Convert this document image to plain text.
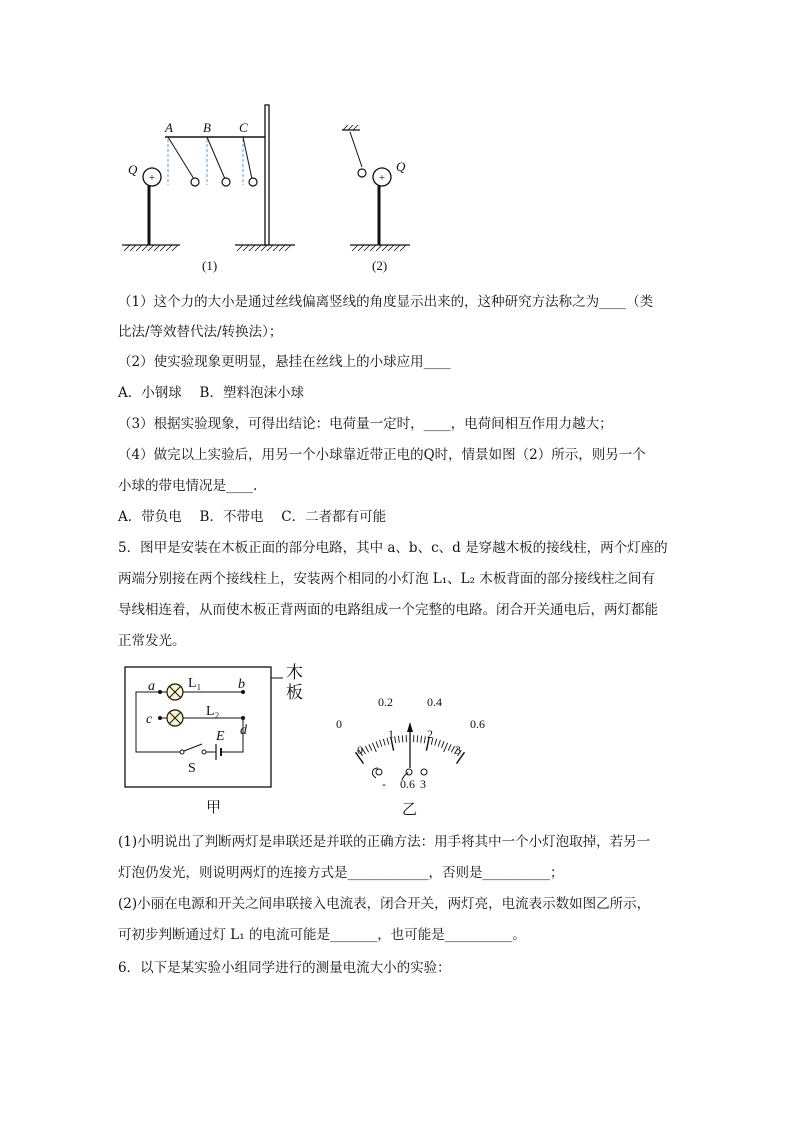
+
Q
A B C
(1)
+
Q
(2)
（1）这个力的大小是通过丝线偏离竖线的角度显示出来的，这种研究方法称之为____（类
比法/等效替代法/转换法）；
（2）使实验现象更明显，悬挂在丝线上的小球应用____
A．小钢球　 B．塑料泡沫小球
（3）根据实验现象，可得出结论：电荷量一定时，____，电荷间相互作用力越大；
（4）做完以上实验后，用另一个小球靠近带正电的Q时，情景如图（2）所示，则另一个
小球的带电情况是____.
A．带负电　 B．不带电　 C．二者都有可能
5．图甲是安装在木板正面的部分电路，其中 a、b、c、d 是穿越木板的接线柱，两个灯座的
两端分别接在两个接线柱上，安装两个相同的小灯泡 L₁、L₂ 木板背面的部分接线柱之间有
导线相连着，从而使木板正背两面的电路组成一个完整的电路。闭合开关通电后，两灯都能
正常发光。
木
板
a	b
L₁
c
L₂
d
S
E
甲
0
0.2	0.4
0.6
0
1	2
3
- 0.6 3
乙
(1)小明说出了判断两灯是串联还是并联的正确方法：用手将其中一个小灯泡取掉，若另一
灯泡仍发光，则说明两灯的连接方式是____________，否则是__________；
(2)小丽在电源和开关之间串联接入电流表，闭合开关，两灯亮，电流表示数如图乙所示，
可初步判断通过灯 L₁ 的电流可能是_______，也可能是__________。
6．以下是某实验小组同学进行的测量电流大小的实验：
